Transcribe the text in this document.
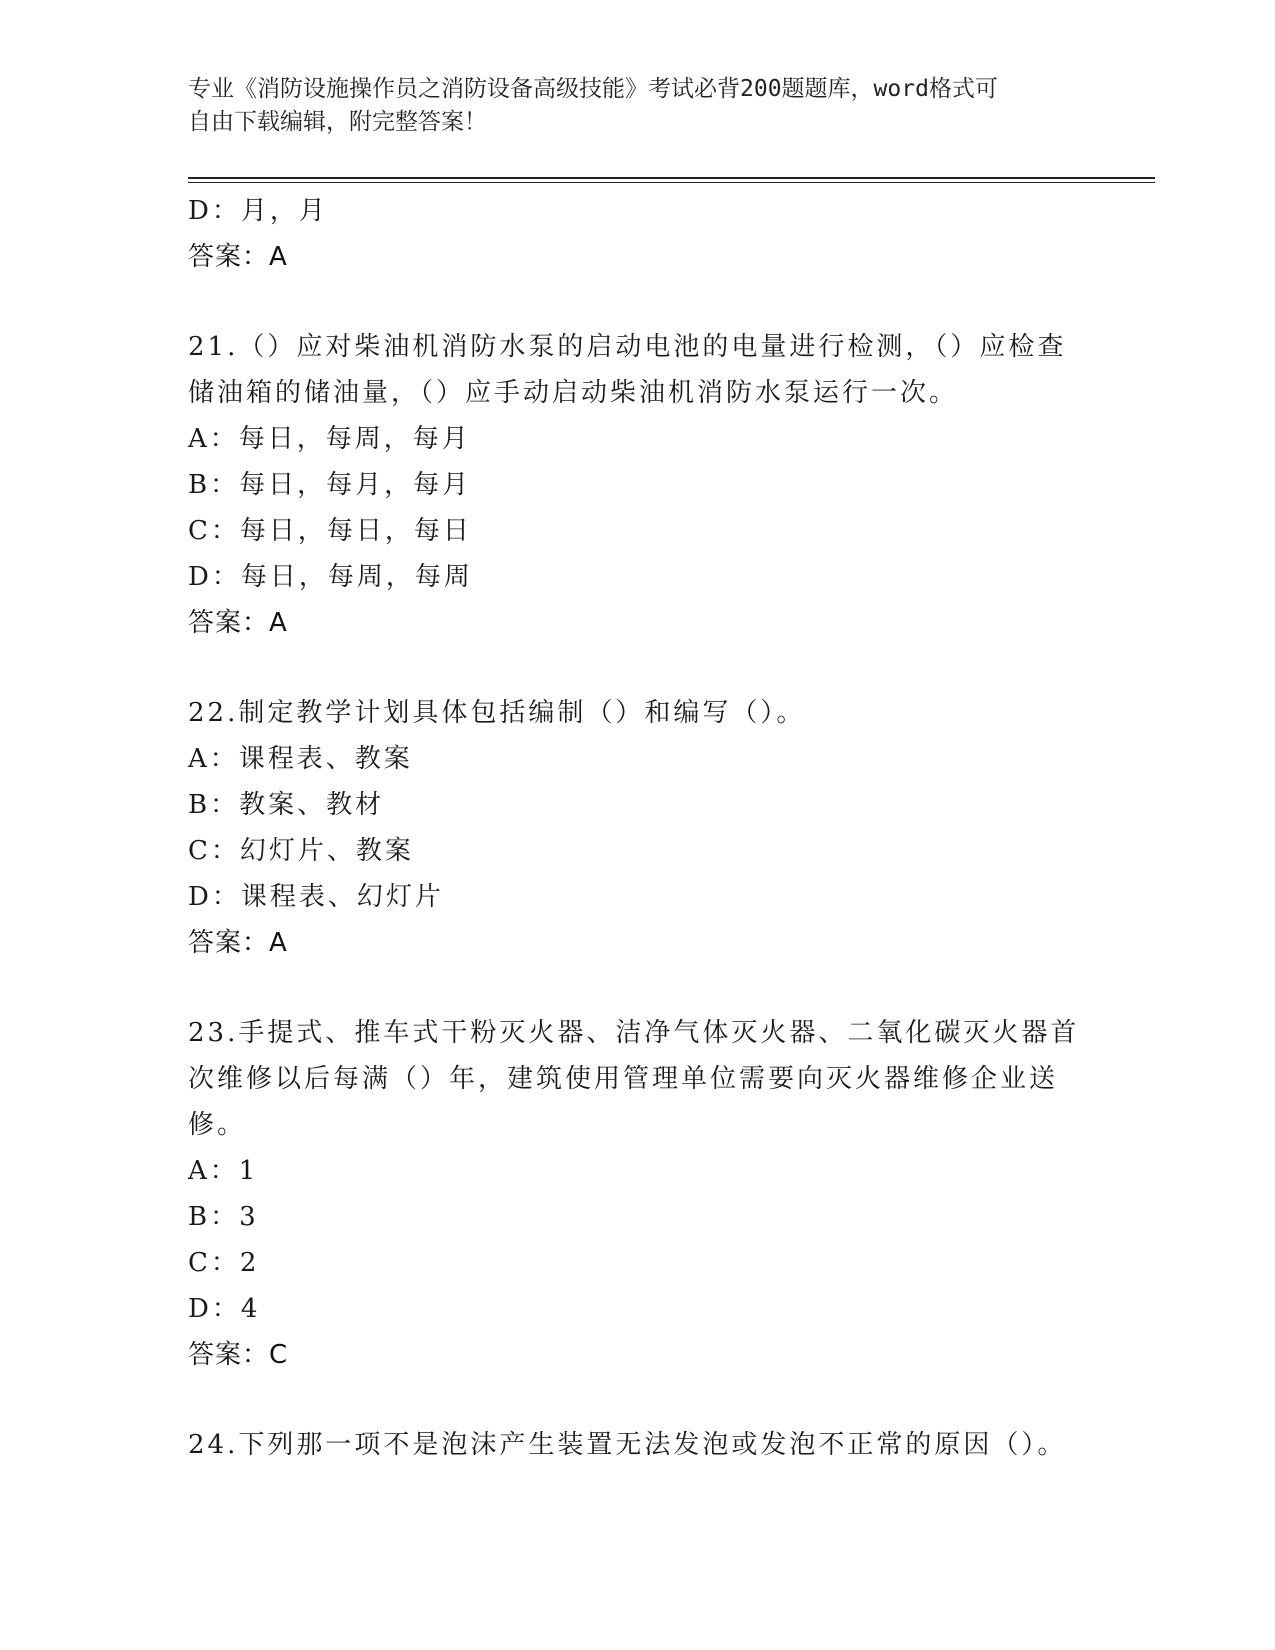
专业《消防设施操作员之消防设备高级技能》考试必背200题题库，word格式可

自由下载编辑，附完整答案！

D：月，月

答案：A

21.（）应对柴油机消防水泵的启动电池的电量进行检测，（）应检查

储油箱的储油量，（）应手动启动柴油机消防水泵运行一次。

A：每日，每周，每月

B：每日，每月，每月

C：每日，每日，每日

D：每日，每周，每周

答案：A

22.制定教学计划具体包括编制（）和编写（）。

A：课程表、教案

B：教案、教材

C：幻灯片、教案

D：课程表、幻灯片

答案：A

23.手提式、推车式干粉灭火器、洁净气体灭火器、二氧化碳灭火器首

次维修以后每满（）年，建筑使用管理单位需要向灭火器维修企业送

修。

A：1

B：3

C：2

D：4

答案：C

24.下列那一项不是泡沫产生装置无法发泡或发泡不正常的原因（）。
